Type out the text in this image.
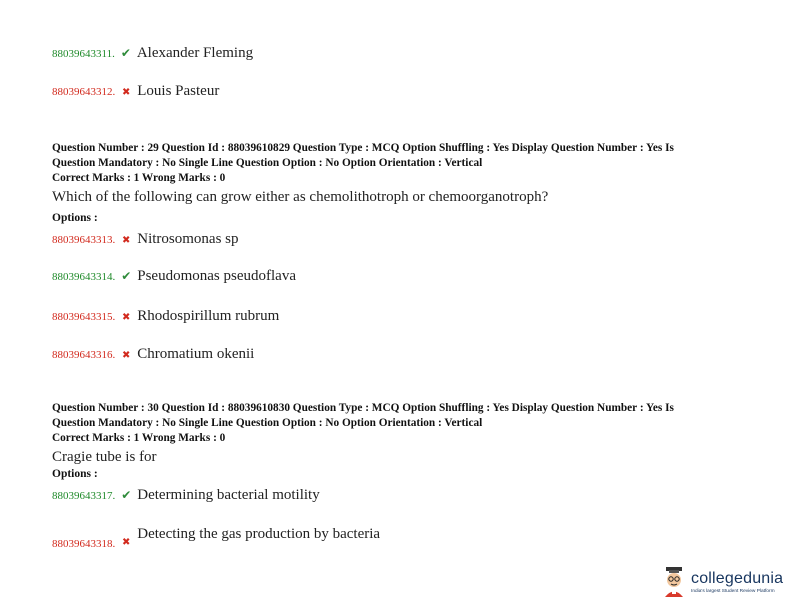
88039643311. ✔ Alexander Fleming
88039643312. ✖ Louis Pasteur
Question Number : 29 Question Id : 88039610829 Question Type : MCQ Option Shuffling : Yes Display Question Number : Yes Is
Question Mandatory : No Single Line Question Option : No Option Orientation : Vertical
Correct Marks : 1 Wrong Marks : 0
Which of the following can grow either as chemolithotroph or chemoorganotroph?
Options :
88039643313. ✖ Nitrosomonas sp
88039643314. ✔ Pseudomonas pseudoflava
88039643315. ✖ Rhodospirillum rubrum
88039643316. ✖ Chromatium okenii
Question Number : 30 Question Id : 88039610830 Question Type : MCQ Option Shuffling : Yes Display Question Number : Yes Is
Question Mandatory : No Single Line Question Option : No Option Orientation : Vertical
Correct Marks : 1 Wrong Marks : 0
Cragie tube is for
Options :
88039643317. ✔ Determining bacterial motility
88039643318. ✖
Detecting the gas production by bacteria
collegedunia
India's largest Student Review Platform
